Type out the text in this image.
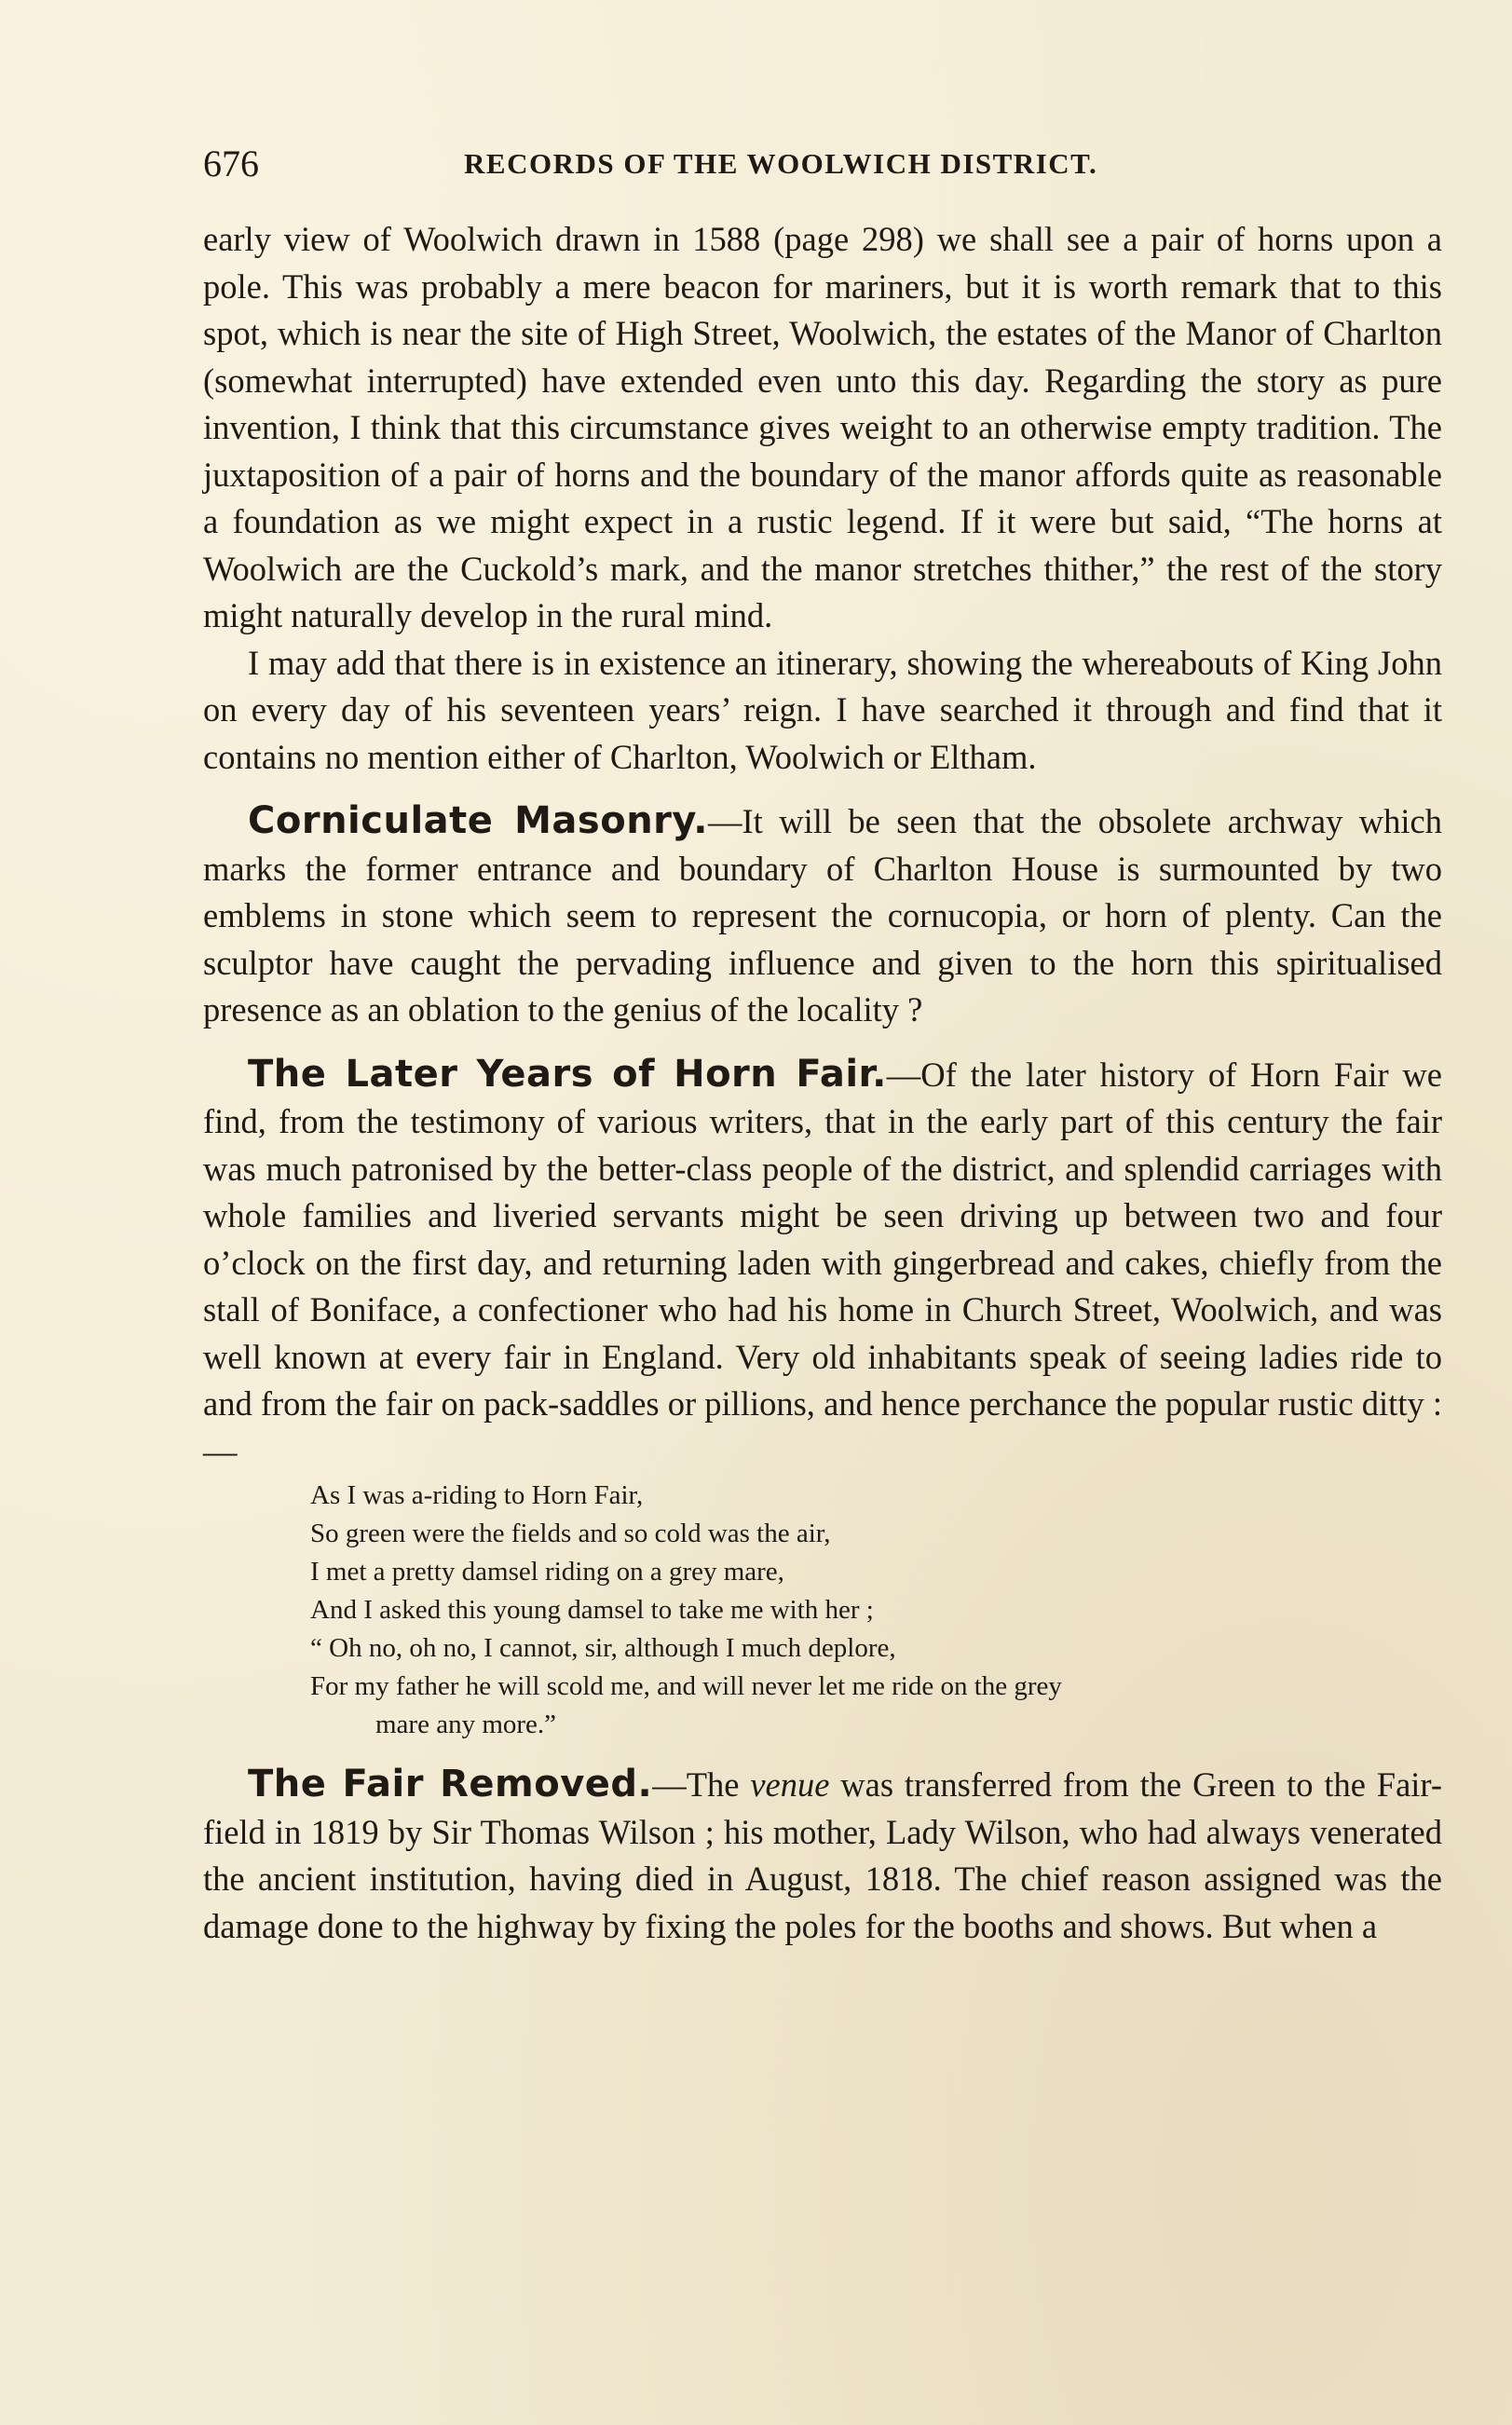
676	RECORDS OF THE WOOLWICH DISTRICT.

early view of Woolwich drawn in 1588 (page 298) we shall see a pair of horns upon a pole. This was probably a mere beacon for mariners, but it is worth remark that to this spot, which is near the site of High Street, Woolwich, the estates of the Manor of Charlton (somewhat interrupted) have extended even unto this day. Regarding the story as pure invention, I think that this circumstance gives weight to an otherwise empty tradition. The juxtaposition of a pair of horns and the boundary of the manor affords quite as reasonable a foundation as we might expect in a rustic legend. If it were but said, “The horns at Woolwich are the Cuckold’s mark, and the manor stretches thither,” the rest of the story might naturally develop in the rural mind.

I may add that there is in existence an itinerary, showing the whereabouts of King John on every day of his seventeen years’ reign. I have searched it through and find that it contains no mention either of Charlton, Woolwich or Eltham.

Corniculate Masonry.—It will be seen that the obsolete archway which marks the former entrance and boundary of Charlton House is surmounted by two emblems in stone which seem to represent the cornucopia, or horn of plenty. Can the sculptor have caught the pervading influence and given to the horn this spiritualised presence as an oblation to the genius of the locality ?

The Later Years of Horn Fair.—Of the later history of Horn Fair we find, from the testimony of various writers, that in the early part of this century the fair was much patronised by the better-class people of the district, and splendid carriages with whole families and liveried servants might be seen driving up between two and four o’clock on the first day, and returning laden with gingerbread and cakes, chiefly from the stall of Boniface, a confectioner who had his home in Church Street, Woolwich, and was well known at every fair in England. Very old inhabitants speak of seeing ladies ride to and from the fair on pack-saddles or pillions, and hence perchance the popular rustic ditty :—

As I was a-riding to Horn Fair,
So green were the fields and so cold was the air,
I met a pretty damsel riding on a grey mare,
And I asked this young damsel to take me with her ;
“ Oh no, oh no, I cannot, sir, although I much deplore,
For my father he will scold me, and will never let me ride on the grey
mare any more.”

The Fair Removed.—The venue was transferred from the Green to the Fair-field in 1819 by Sir Thomas Wilson ; his mother, Lady Wilson, who had always venerated the ancient institution, having died in August, 1818. The chief reason assigned was the damage done to the highway by fixing the poles for the booths and shows. But when a
